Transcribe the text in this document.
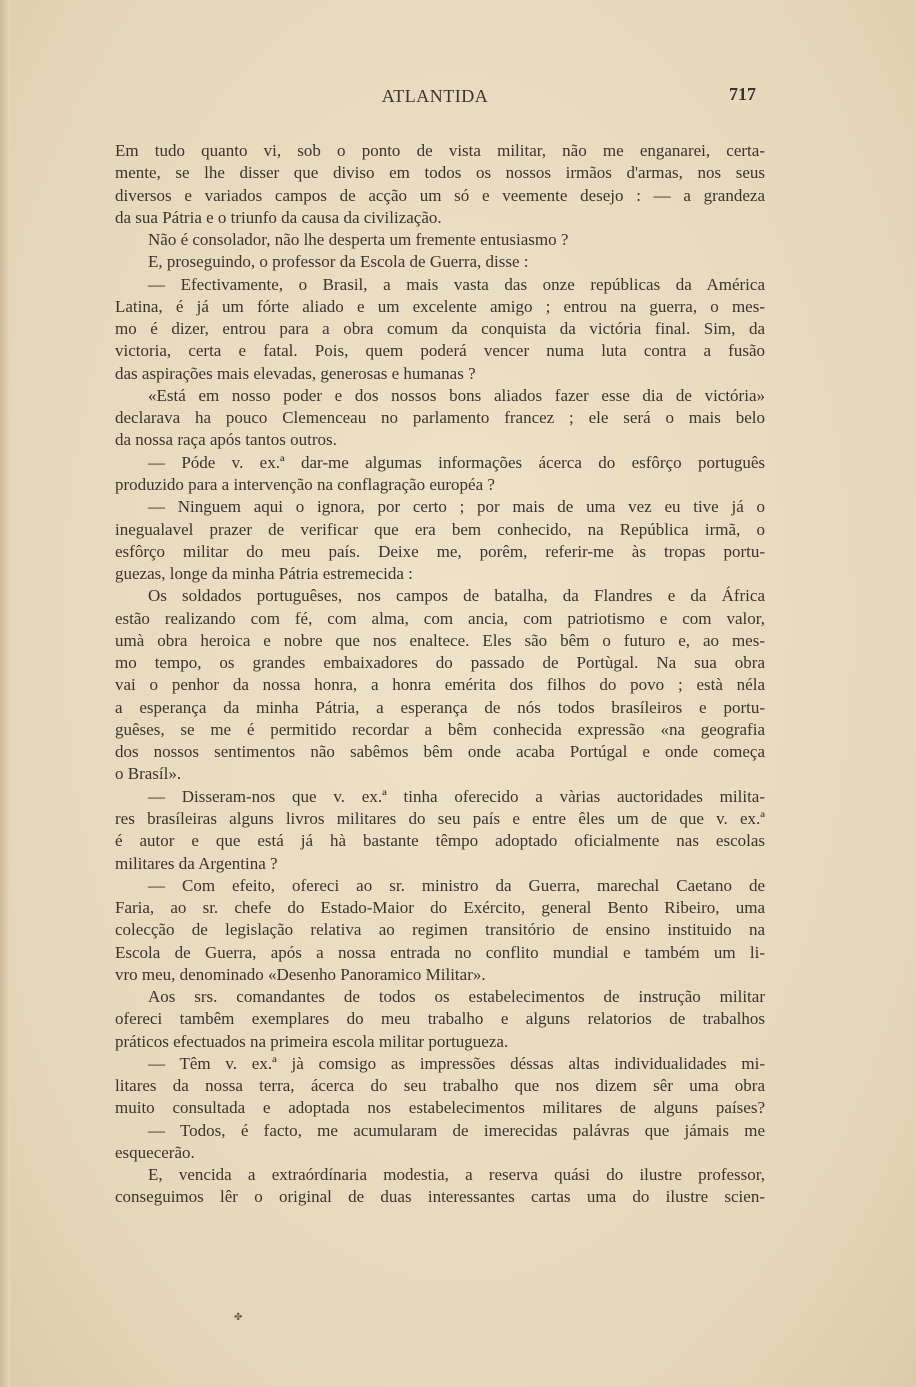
ATLANTIDA	717
Em tudo quanto vi, sob o ponto de vista militar, não me enganarei, certa-
mente, se lhe disser que diviso em todos os nossos irmãos d'armas, nos seus
diversos e variados campos de acção um só e veemente desejo : — a grandeza
da sua Pátria e o triunfo da causa da civilização.
Não é consolador, não lhe desperta um fremente entusiasmo ?
E, proseguindo, o professor da Escola de Guerra, disse :
— Efectivamente, o Brasil, a mais vasta das onze repúblicas da América
Latina, é já um fórte aliado e um excelente amigo ; entrou na guerra, o mes-
mo é dizer, entrou para a obra comum da conquista da victória final. Sim, da
victoria, certa e fatal. Pois, quem poderá vencer numa luta contra a fusão
das aspirações mais elevadas, generosas e humanas ?
«Está em nosso poder e dos nossos bons aliados fazer esse dia de victória»
declarava ha pouco Clemenceau no parlamento francez ; ele será o mais belo
da nossa raça após tantos outros.
— Póde v. ex.ª dar-me algumas informações ácerca do esfôrço português
produzido para a intervenção na conflagração européa ?
— Ninguem aqui o ignora, por certo ; por mais de uma vez eu tive já o
inegualavel prazer de verificar que era bem conhecido, na República irmã, o
esfôrço militar do meu país. Deixe me, porêm, referir-me às tropas portu-
guezas, longe da minha Pátria estremecida :
Os soldados portuguêses, nos campos de batalha, da Flandres e da África
estão realizando com fé, com alma, com ancia, com patriotismo e com valor,
umà obra heroica e nobre que nos enaltece. Eles são bêm o futuro e, ao mes-
mo tempo, os grandes embaixadores do passado de Portùgal. Na sua obra
vai o penhor da nossa honra, a honra emérita dos filhos do povo ; està néla
a esperança da minha Pátria, a esperança de nós todos brasíleiros e portu-
guêses, se me é permitido recordar a bêm conhecida expressão «na geografia
dos nossos sentimentos não sabêmos bêm onde acaba Portúgal e onde começa
o Brasíl».
— Disseram-nos que v. ex.ª tinha oferecido a vàrias auctoridades milita-
res brasíleiras alguns livros militares do seu país e entre êles um de que v. ex.ª
é autor e que está já hà bastante têmpo adoptado oficialmente nas escolas
militares da Argentina ?
— Com efeito, ofereci ao sr. ministro da Guerra, marechal Caetano de
Faria, ao sr. chefe do Estado-Maior do Exército, general Bento Ribeiro, uma
colecção de legislação relativa ao regimen transitório de ensino instituido na
Escola de Guerra, após a nossa entrada no conflito mundial e também um li-
vro meu, denominado «Desenho Panoramico Militar».
Aos srs. comandantes de todos os estabelecimentos de instrução militar
ofereci tambêm exemplares do meu trabalho e alguns relatorios de trabalhos
práticos efectuados na primeira escola militar portugueza.
— Têm v. ex.ª jà comsigo as impressões déssas altas individualidades mi-
litares da nossa terra, ácerca do seu trabalho que nos dizem sêr uma obra
muito consultada e adoptada nos estabelecimentos militares de alguns países?
— Todos, é facto, me acumularam de imerecidas palávras que jámais me
esquecerão.
E, vencida a extraórdínaria modestia, a reserva quási do ilustre professor,
conseguimos lêr o original de duas interessantes cartas uma do ilustre scien-
✤
